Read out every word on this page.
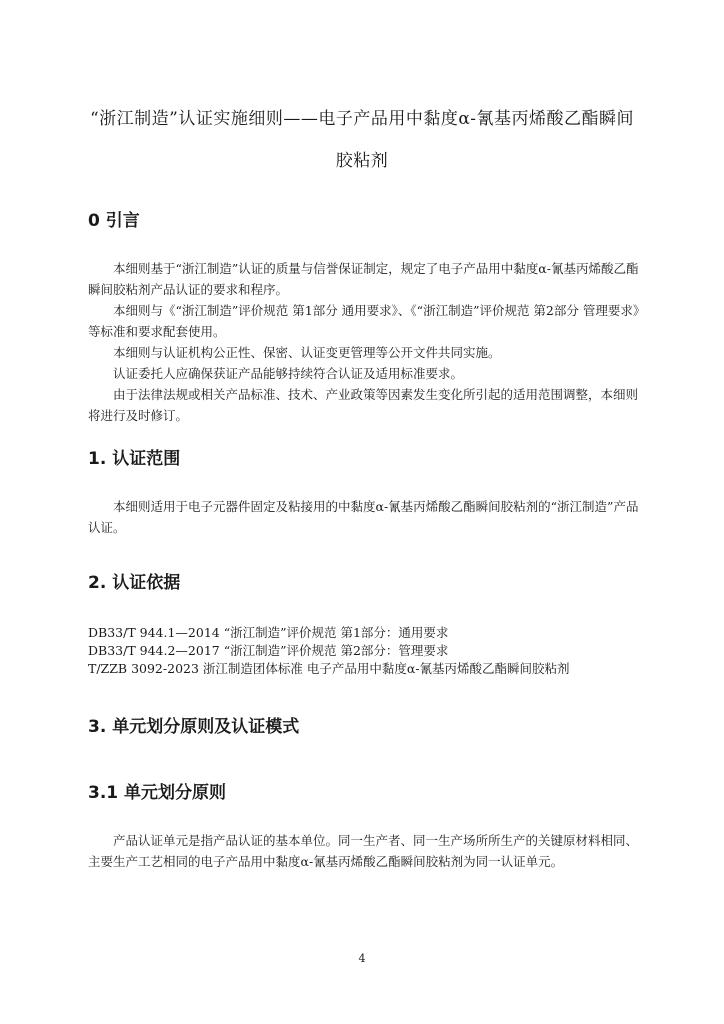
“浙江制造”认证实施细则——电子产品用中黏度α-氰基丙烯酸乙酯瞬间
胶粘剂
0 引言

本细则基于“浙江制造”认证的质量与信誉保证制定，规定了电子产品用中黏度α-氰基丙烯酸乙酯瞬间胶粘剂产品认证的要求和程序。

本细则与《“浙江制造”评价规范 第1部分 通用要求》、《“浙江制造”评价规范 第2部分 管理要求》等标准和要求配套使用。

本细则与认证机构公正性、保密、认证变更管理等公开文件共同实施。

认证委托人应确保获证产品能够持续符合认证及适用标准要求。

由于法律法规或相关产品标准、技术、产业政策等因素发生变化所引起的适用范围调整，本细则将进行及时修订。

1. 认证范围

本细则适用于电子元器件固定及粘接用的中黏度α-氰基丙烯酸乙酯瞬间胶粘剂的“浙江制造”产品认证。

2. 认证依据
DB33/T 944.1—2014 “浙江制造”评价规范 第1部分：通用要求
DB33/T 944.2—2017 “浙江制造”评价规范 第2部分：管理要求
T/ZZB 3092-2023 浙江制造团体标准 电子产品用中黏度α-氰基丙烯酸乙酯瞬间胶粘剂
3. 单元划分原则及认证模式
3.1 单元划分原则

产品认证单元是指产品认证的基本单位。同一生产者、同一生产场所所生产的关键原材料相同、主要生产工艺相同的电子产品用中黏度α-氰基丙烯酸乙酯瞬间胶粘剂为同一认证单元。

4
